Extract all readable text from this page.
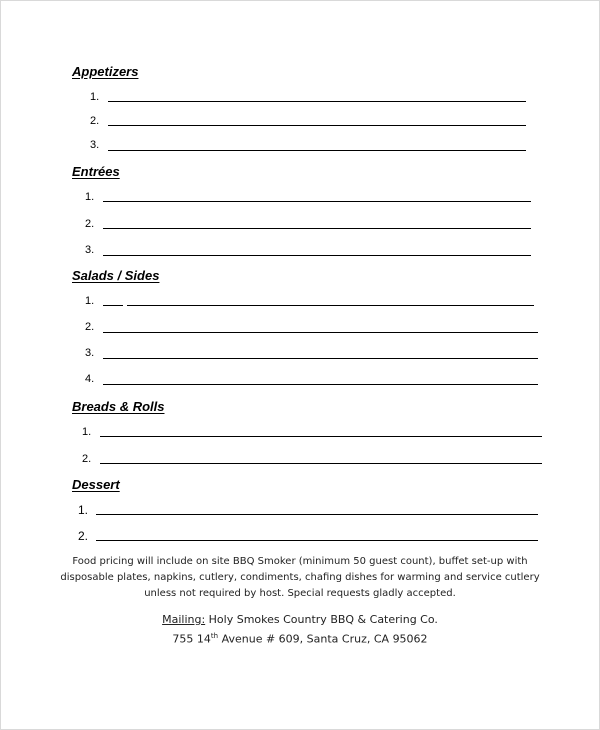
Appetizers
1.
2.
3.
Entrées
1.
2.
3.
Salads / Sides
1.
2.
3.
4.
Breads & Rolls
1.
2.
Dessert
1.
2.
Food pricing will include on site BBQ Smoker (minimum 50 guest count), buffet set-up with
disposable plates, napkins, cutlery, condiments, chafing dishes for warming and service cutlery
unless not required by host. Special requests gladly accepted.
Mailing: Holy Smokes Country BBQ & Catering Co.
755 14th Avenue # 609, Santa Cruz, CA 95062
